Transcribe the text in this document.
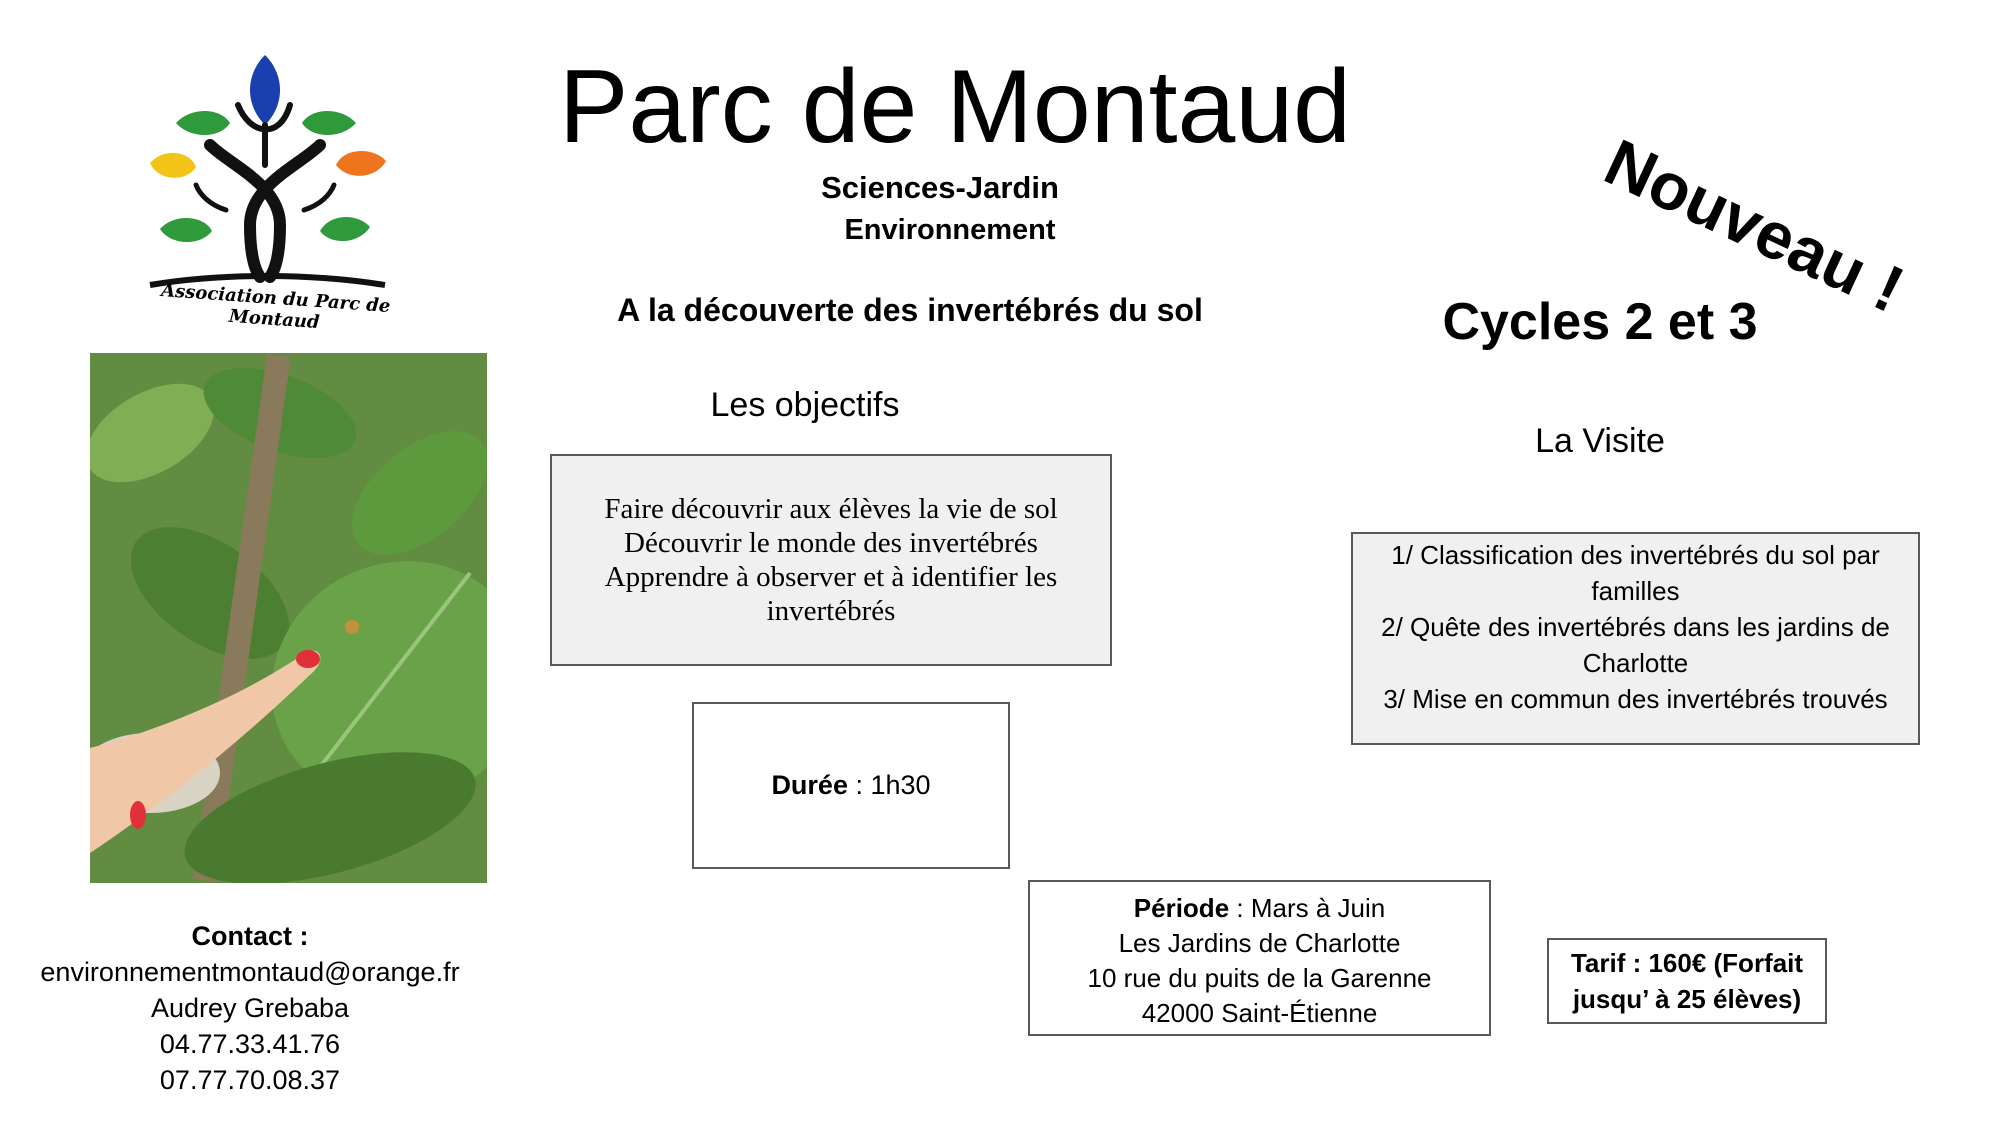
Association du Parc de Montaud
Parc de Montaud
Sciences-Jardin
Environnement	Nouveau !
A la découverte des invertébrés du sol	Cycles 2 et 3
Les objectifs
Faire découvrir aux élèves la vie de sol
Découvrir le monde des invertébrés
Apprendre à observer et à identifier les invertébrés
Durée : 1h30
La Visite
1/ Classification des invertébrés du sol par familles
2/ Quête des invertébrés dans les jardins de Charlotte
3/ Mise en commun des invertébrés trouvés
Période : Mars à Juin
Les Jardins de Charlotte
10 rue du puits de la Garenne
42000 Saint-Étienne
Tarif : 160€ (Forfait jusqu’ à 25 élèves)
Contact :
environnementmontaud@orange.fr
Audrey Grebaba
04.77.33.41.76
07.77.70.08.37
